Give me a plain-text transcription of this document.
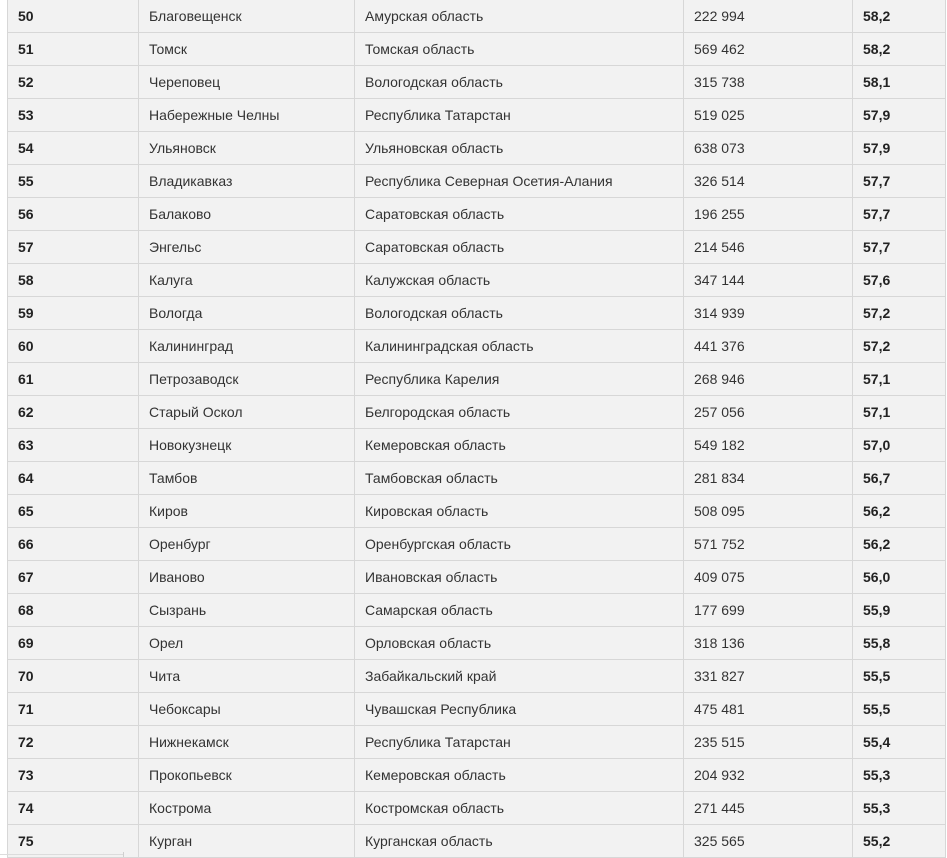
50	Благовещенск	Амурская область	222 994	58,2
51	Томск	Томская область	569 462	58,2
52	Череповец	Вологодская область	315 738	58,1
53	Набережные Челны	Республика Татарстан	519 025	57,9
54	Ульяновск	Ульяновская область	638 073	57,9
55	Владикавказ	Республика Северная Осетия-Алания	326 514	57,7
56	Балаково	Саратовская область	196 255	57,7
57	Энгельс	Саратовская область	214 546	57,7
58	Калуга	Калужская область	347 144	57,6
59	Вологда	Вологодская область	314 939	57,2
60	Калининград	Калининградская область	441 376	57,2
61	Петрозаводск	Республика Карелия	268 946	57,1
62	Старый Оскол	Белгородская область	257 056	57,1
63	Новокузнецк	Кемеровская область	549 182	57,0
64	Тамбов	Тамбовская область	281 834	56,7
65	Киров	Кировская область	508 095	56,2
66	Оренбург	Оренбургская область	571 752	56,2
67	Иваново	Ивановская область	409 075	56,0
68	Сызрань	Самарская область	177 699	55,9
69	Орел	Орловская область	318 136	55,8
70	Чита	Забайкальский край	331 827	55,5
71	Чебоксары	Чувашская Республика	475 481	55,5
72	Нижнекамск	Республика Татарстан	235 515	55,4
73	Прокопьевск	Кемеровская область	204 932	55,3
74	Кострома	Костромская область	271 445	55,3
75	Курган	Курганская область	325 565	55,2
